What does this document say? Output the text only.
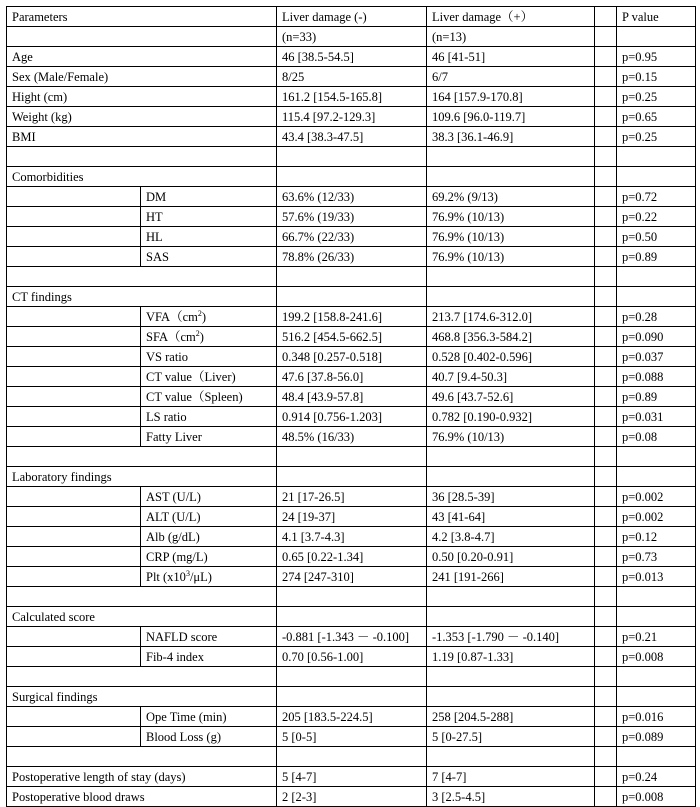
Parameters		Liver damage (-)	Liver damage（+）		P value
		(n=33)	(n=13)		
Age		46 [38.5-54.5]	46 [41-51]		p=0.95
Sex (Male/Female)		8/25	6/7		p=0.15
Hight (cm)		161.2 [154.5-165.8]	164 [157.9-170.8]		p=0.25
Weight (kg)		115.4 [97.2-129.3]	109.6 [96.0-119.7]		p=0.65
BMI		43.4 [38.3-47.5]	38.3 [36.1-46.9]		p=0.25

Comorbidities					
	DM	63.6% (12/33)	69.2% (9/13)		p=0.72
	HT	57.6% (19/33)	76.9% (10/13)		p=0.22
	HL	66.7% (22/33)	76.9% (10/13)		p=0.50
	SAS	78.8% (26/33)	76.9% (10/13)		p=0.89

CT findings					
	$VFA(cm^2)$	199.2 [158.8-241.6]	213.7 [174.6-312.0]		p=0.28
	$SFA(cm^2)$	516.2 [454.5-662.5]	468.8 [356.3-584.2]		p=0.090
	VS ratio	0.348 [0.257-0.518]	0.528 [0.402-0.596]		p=0.037
	CT value（Liver)	47.6 [37.8-56.0]	40.7 [9.4-50.3]		p=0.088
	CT value（Spleen)	48.4 [43.9-57.8]	49.6 [43.7-52.6]		p=0.89
	LS ratio	0.914 [0.756-1.203]	0.782 [0.190-0.932]		p=0.031
	Fatty Liver	48.5% (16/33)	76.9% (10/13)		p=0.08

Laboratory findings					
	AST (U/L)	21 [17-26.5]	36 [28.5-39]		p=0.002
	ALT (U/L)	24 [19-37]	43 [41-64]		p=0.002
	Alb (g/dL)	4.1 [3.7-4.3]	4.2 [3.8-4.7]		p=0.12
	CRP (mg/L)	0.65 [0.22-1.34]	0.50 [0.20-0.91]		p=0.73
	Plt $(x10^3/\mu L)$	274 [247-310]	241 [191-266]		p=0.013

Calculated score					
	NAFLD score	-0.881 [-1.343 － -0.100]	-1.353 [-1.790 － -0.140]		p=0.21
	Fib-4 index	0.70 [0.56-1.00]	1.19 [0.87-1.33]		p=0.008

Surgical findings					
	Ope Time (min)	205 [183.5-224.5]	258 [204.5-288]		p=0.016
	Blood Loss (g)	5 [0-5]	5 [0-27.5]		p=0.089

Postoperative length of stay (days)		5 [4-7]	7 [4-7]		p=0.24
Postoperative blood draws		2 [2-3]	3 [2.5-4.5]		p=0.008
